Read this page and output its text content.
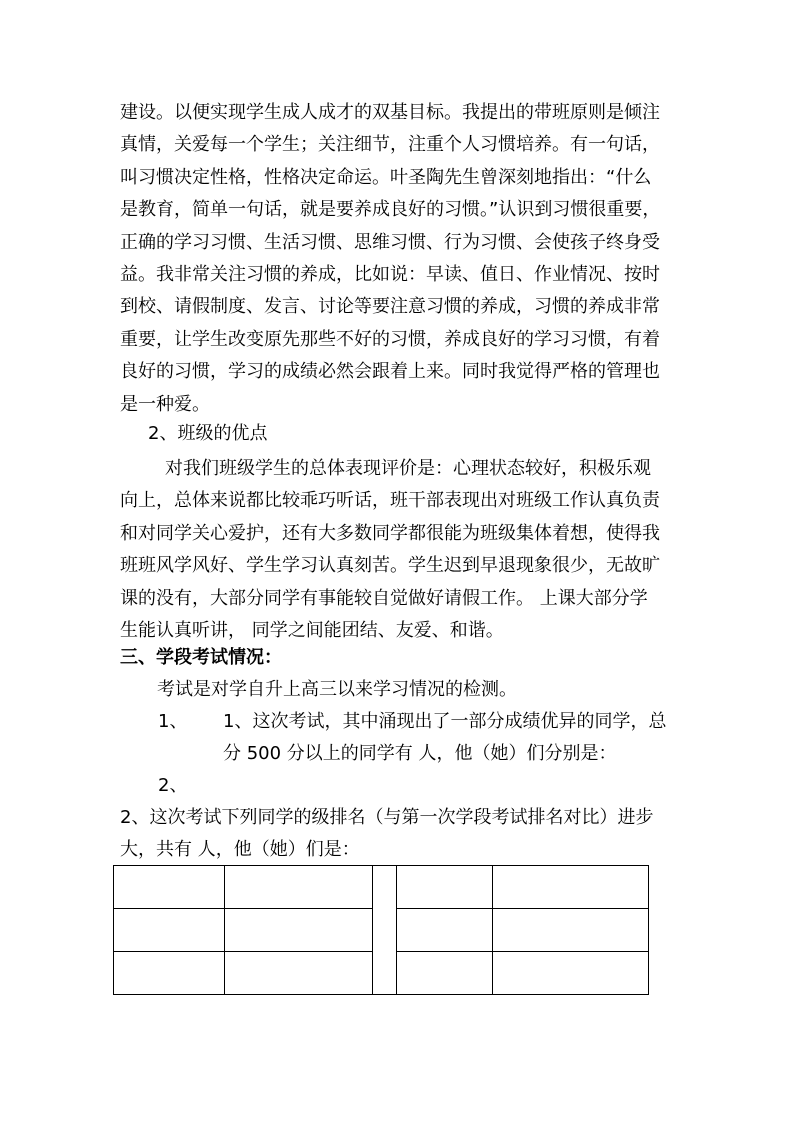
建设。以便实现学生成人成才的双基目标。我提出的带班原则是倾注
真情，关爱每一个学生；关注细节，注重个人习惯培养。有一句话，
叫习惯决定性格，性格决定命运。叶圣陶先生曾深刻地指出：“什么
是教育，简单一句话，就是要养成良好的习惯。”认识到习惯很重要，
正确的学习习惯、生活习惯、思维习惯、行为习惯、会使孩子终身受
益。我非常关注习惯的养成，比如说：早读、值日、作业情况、按时
到校、请假制度、发言、讨论等要注意习惯的养成，习惯的养成非常
重要，让学生改变原先那些不好的习惯，养成良好的学习习惯，有着
良好的习惯，学习的成绩必然会跟着上来。同时我觉得严格的管理也
是一种爱。
2、班级的优点
对我们班级学生的总体表现评价是：心理状态较好，积极乐观
向上，总体来说都比较乖巧听话，班干部表现出对班级工作认真负责
和对同学关心爱护，还有大多数同学都很能为班级集体着想，使得我
班班风学风好、学生学习认真刻苦。学生迟到早退现象很少，无故旷
课的没有，大部分同学有事能较自觉做好请假工作。 上课大部分学
生能认真听讲， 同学之间能团结、友爱、和谐。
三、学段考试情况：
考试是对学自升上高三以来学习情况的检测。
1、 1、这次考试，其中涌现出了一部分成绩优异的同学，总
分 500 分以上的同学有 人，他（她）们分别是：
2、
2、这次考试下列同学的级排名（与第一次学段考试排名对比）进步
大，共有 人，他（她）们是：
